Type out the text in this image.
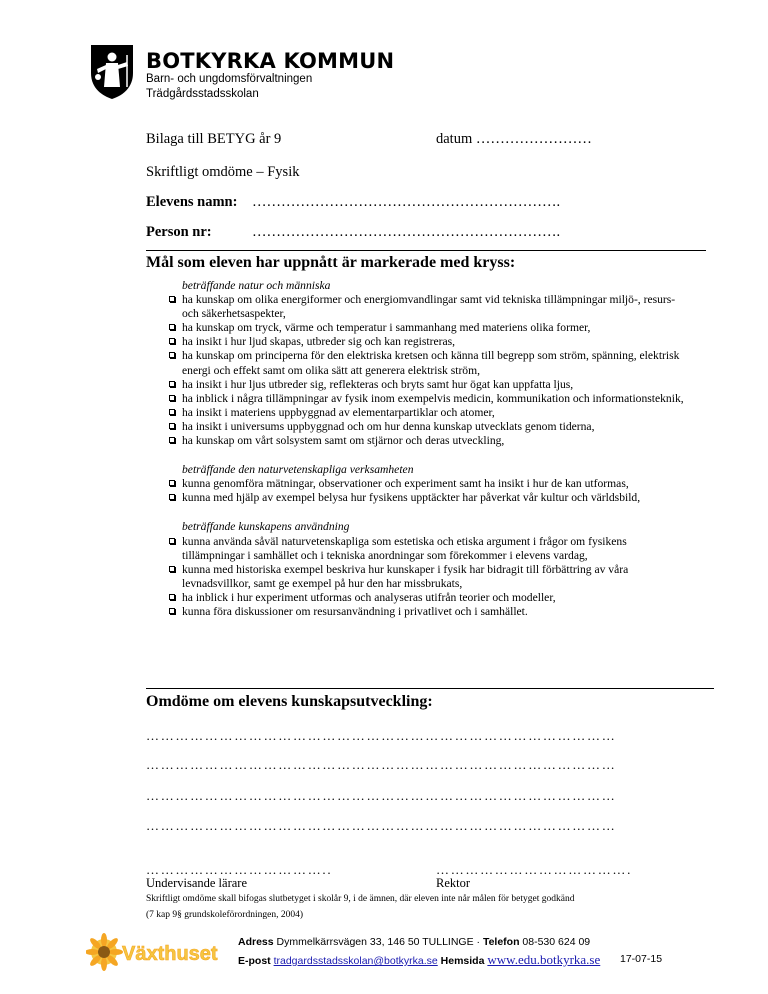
BOTKYRKA KOMMUN
Barn- och ungdomsförvaltningen
Trädgårdsstadsskolan
Bilaga till BETYG år 9	datum ……………………
Skriftligt omdöme – Fysik
Elevens namn: ……………………………………………………….
Person nr:	……………………………………………………….
Mål som eleven har uppnått är markerade med kryss:
beträffande natur och människa
ha kunskap om olika energiformer och energiomvandlingar samt vid tekniska tillämpningar miljö-, resurs- och säkerhetsaspekter,
ha kunskap om tryck, värme och temperatur i sammanhang med materiens olika former,
ha insikt i hur ljud skapas, utbreder sig och kan registreras,
ha kunskap om principerna för den elektriska kretsen och känna till begrepp som ström, spänning, elektrisk energi och effekt samt om olika sätt att generera elektrisk ström,
ha insikt i hur ljus utbreder sig, reflekteras och bryts samt hur ögat kan uppfatta ljus,
ha inblick i några tillämpningar av fysik inom exempelvis medicin, kommunikation och informationsteknik,
ha insikt i materiens uppbyggnad av elementarpartiklar och atomer,
ha insikt i universums uppbyggnad och om hur denna kunskap utvecklats genom tiderna,
ha kunskap om vårt solsystem samt om stjärnor och deras utveckling,
beträffande den naturvetenskapliga verksamheten
kunna genomföra mätningar, observationer och experiment samt ha insikt i hur de kan utformas,
kunna med hjälp av exempel belysa hur fysikens upptäckter har påverkat vår kultur och världsbild,
beträffande kunskapens användning
kunna använda såväl naturvetenskapliga som estetiska och etiska argument i frågor om fysikens tillämpningar i samhället och i tekniska anordningar som förekommer i elevens vardag,
kunna med historiska exempel beskriva hur kunskaper i fysik har bidragit till förbättring av våra levnadsvillkor, samt ge exempel på hur den har missbrukats,
ha inblick i hur experiment utformas och analyseras utifrån teorier och modeller,
kunna föra diskussioner om resursanvändning i privatlivet och i samhället.
Omdöme om elevens kunskapsutveckling:
……………………………………………………………………………………
……………………………………………………………………………………
……………………………………………………………………………………
……………………………………………………………………………………
………………………………..
Undervisande lärare
………………………………….
Rektor
Skriftligt omdöme skall bifogas slutbetyget i skolår 9, i de ämnen, där eleven inte når målen för betyget godkänd
(7 kap 9§ grundskoleförordningen, 2004)
Växthuset
Adress Dymmelkärrsvägen 33, 146 50 TULLINGE · Telefon 08-530 624 09
E-post tradgardsstadsskolan@botkyrka.se Hemsida www.edu.botkyrka.se 17-07-15
